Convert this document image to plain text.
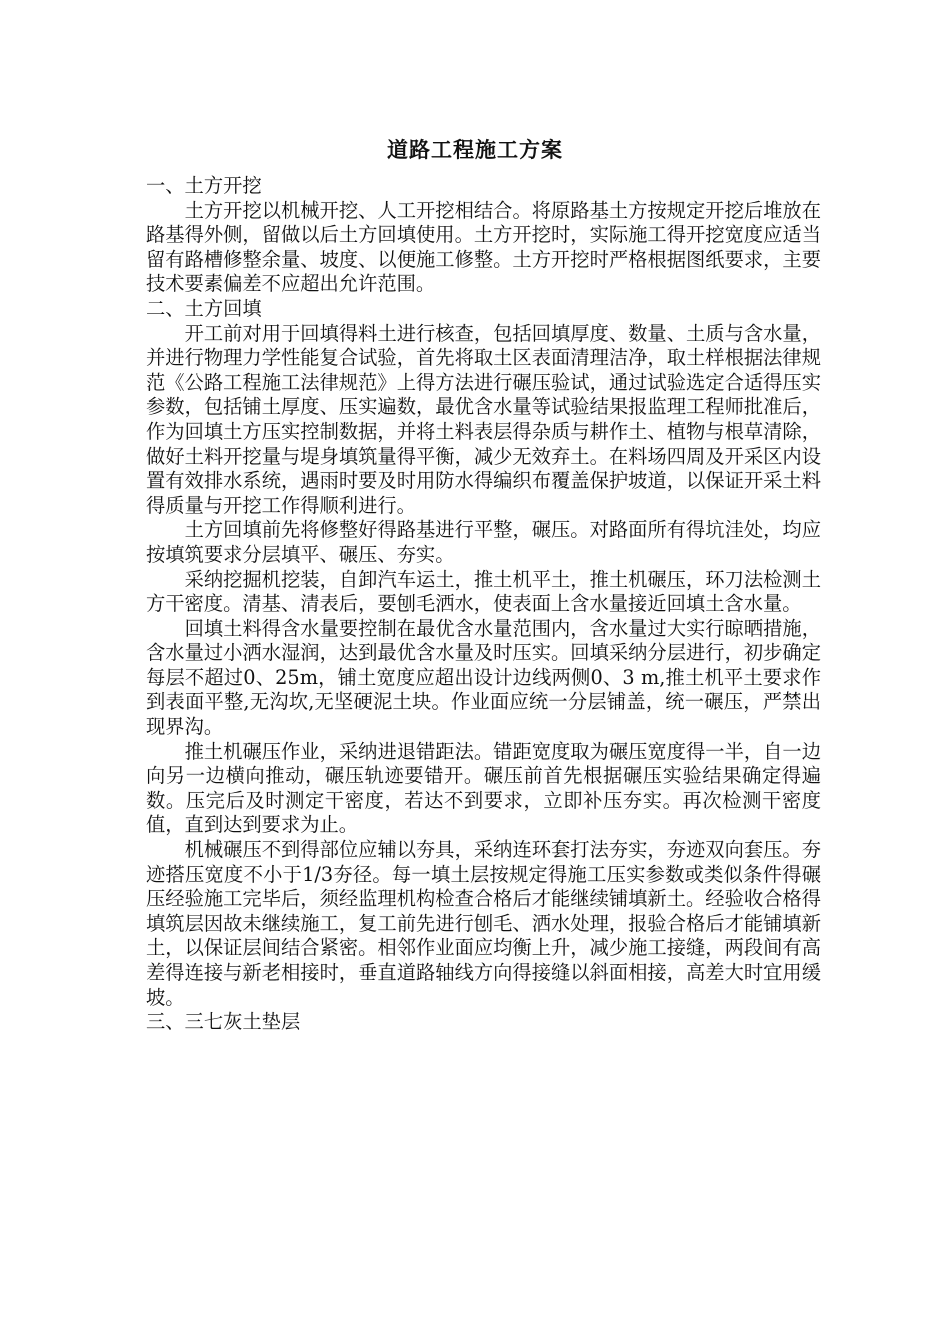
道路工程施工方案
一、土方开挖

土方开挖以机械开挖、人工开挖相结合。将原路基土方按规定开挖后堆放在路基得外侧，留做以后土方回填使用。土方开挖时，实际施工得开挖宽度应适当留有路槽修整余量、坡度、以便施工修整。土方开挖时严格根据图纸要求，主要技术要素偏差不应超出允许范围。

二、土方回填

开工前对用于回填得料土进行核查，包括回填厚度、数量、土质与含水量，并进行物理力学性能复合试验，首先将取土区表面清理洁净，取土样根据法律规范《公路工程施工法律规范》上得方法进行碾压验试，通过试验选定合适得压实参数，包括铺土厚度、压实遍数，最优含水量等试验结果报监理工程师批准后，作为回填土方压实控制数据，并将土料表层得杂质与耕作土、植物与根草清除，做好土料开挖量与堤身填筑量得平衡，减少无效弃土。在料场四周及开采区内设置有效排水系统，遇雨时要及时用防水得编织布覆盖保护坡道，以保证开采土料得质量与开挖工作得顺利进行。

土方回填前先将修整好得路基进行平整，碾压。对路面所有得坑洼处，均应按填筑要求分层填平、碾压、夯实。

采纳挖掘机挖装，自卸汽车运土，推土机平土，推土机碾压，环刀法检测土方干密度。清基、清表后，要刨毛洒水，使表面上含水量接近回填土含水量。

回填土料得含水量要控制在最优含水量范围内，含水量过大实行晾晒措施，含水量过小洒水湿润，达到最优含水量及时压实。回填采纳分层进行，初步确定每层不超过0、25m，铺土宽度应超出设计边线两侧0、3 m,推土机平土要求作到表面平整,无沟坎,无坚硬泥土块。作业面应统一分层铺盖，统一碾压，严禁出现界沟。

推土机碾压作业，采纳进退错距法。错距宽度取为碾压宽度得一半，自一边向另一边横向推动，碾压轨迹要错开。碾压前首先根据碾压实验结果确定得遍数。压完后及时测定干密度，若达不到要求，立即补压夯实。再次检测干密度值，直到达到要求为止。

机械碾压不到得部位应辅以夯具，采纳连环套打法夯实，夯迹双向套压。夯迹搭压宽度不小于1/3夯径。每一填土层按规定得施工压实参数或类似条件得碾压经验施工完毕后，须经监理机构检查合格后才能继续铺填新土。经验收合格得填筑层因故未继续施工，复工前先进行刨毛、洒水处理，报验合格后才能铺填新土，以保证层间结合紧密。相邻作业面应均衡上升，减少施工接缝，两段间有高差得连接与新老相接时，垂直道路轴线方向得接缝以斜面相接，高差大时宜用缓坡。

三、三七灰土垫层
